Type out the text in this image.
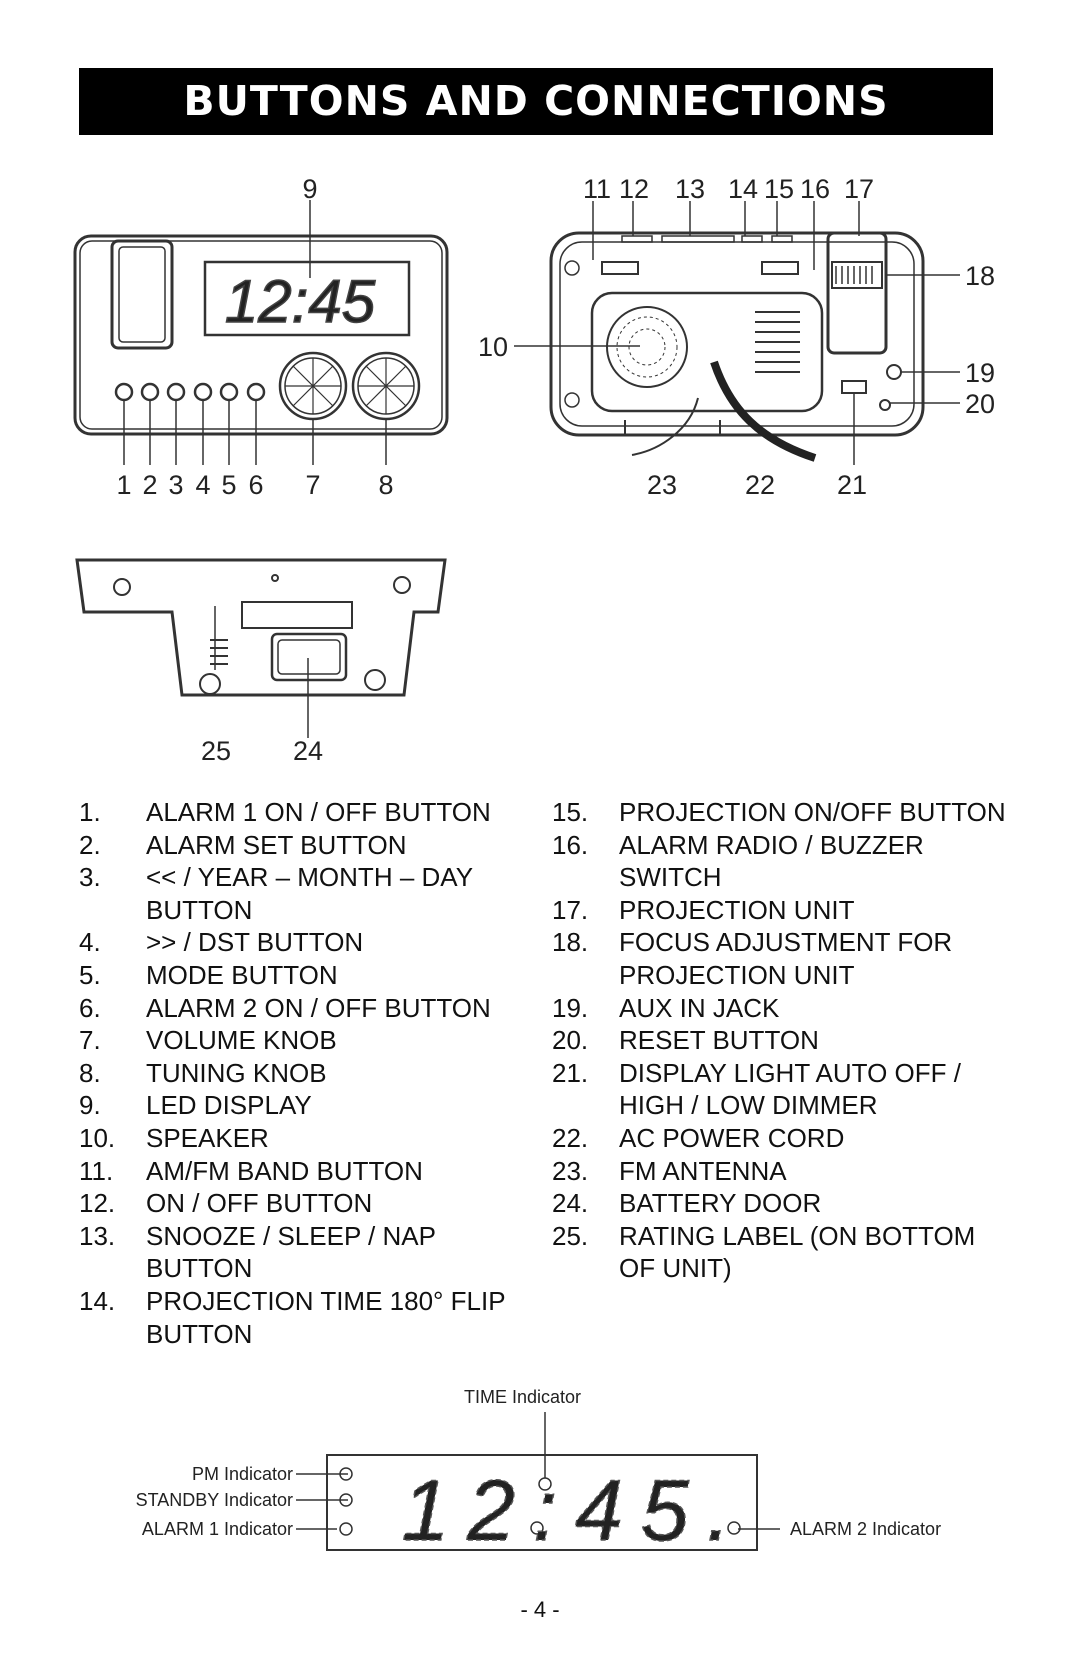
BUTTONS AND CONNECTIONS
12:45
9
1 2 3 4 5 6 7 8
11 12 13 14 15 16 17
18
10
19
20
23	22 21
25 24
TIME Indicator
PM Indicator
STANDBY Indicator
ALARM 1 Indicator	ALARM 2 Indicator
12:45.
1.	ALARM 1 ON / OFF BUTTON
2.	ALARM SET BUTTON
3.	<< / YEAR – MONTH – DAY BUTTON
4.	>> / DST BUTTON
5.	MODE BUTTON
6.	ALARM 2 ON / OFF BUTTON
7.	VOLUME KNOB
8.	TUNING KNOB
9.	LED DISPLAY
10.	SPEAKER
11.	AM/FM BAND BUTTON
12.	ON / OFF BUTTON
13.	SNOOZE / SLEEP / NAP BUTTON
14.	PROJECTION TIME 180° FLIP BUTTON
15.	PROJECTION ON/OFF BUTTON
16.	ALARM RADIO / BUZZER SWITCH
17.	PROJECTION UNIT
18.	FOCUS ADJUSTMENT FOR PROJECTION UNIT
19.	AUX IN JACK
20.	RESET BUTTON
21.	DISPLAY LIGHT AUTO OFF / HIGH / LOW DIMMER
22.	AC POWER CORD
23.	FM ANTENNA
24.	BATTERY DOOR
25.	RATING LABEL (ON BOTTOM OF UNIT)
- 4 -
